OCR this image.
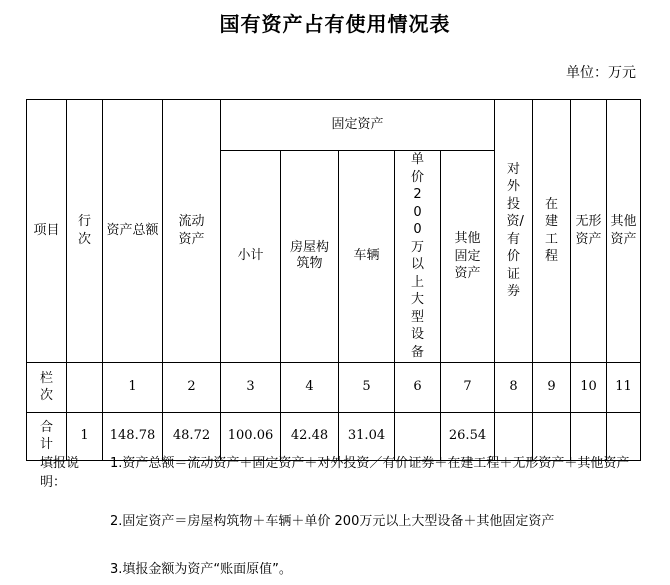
国有资产占有使用情况表
单位：万元
项目	行次	资产总额	流动资产	固定资产					对外投资/有价证券	在建工程	无形资产	其他资产
				小计	房屋构筑物	车辆	单价200万以上大型设备	其他固定资产				
栏次		1	2	3	4	5	6	7	8	9	10	11
合计	1	148.78	48.72	100.06	42.48	31.04		26.54				
填报说明：
1.资产总额＝流动资产＋固定资产＋对外投资／有价证券＋在建工程＋无形资产＋其他资产
2.固定资产＝房屋构筑物＋车辆＋单价 200万元以上大型设备＋其他固定资产
3.填报金额为资产“账面原值”。
